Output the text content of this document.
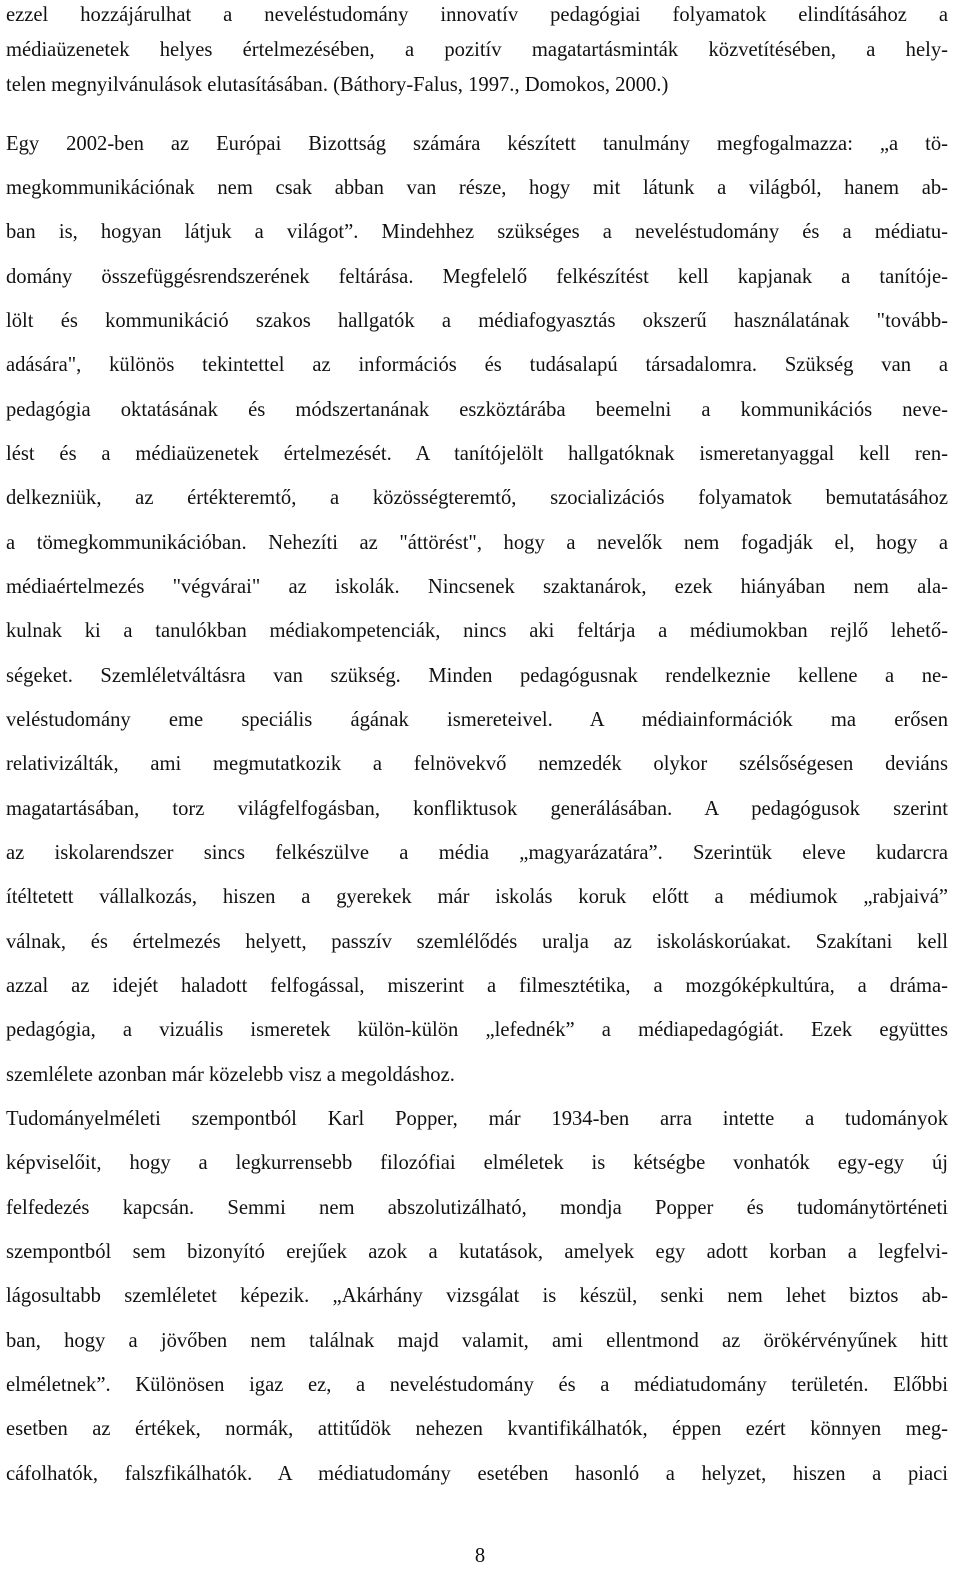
ezzel hozzájárulhat a neveléstudomány innovatív pedagógiai folyamatok elindításához a
médiaüzenetek helyes értelmezésében, a pozitív magatartásminták közvetítésében, a hely-
telen megnyilvánulások elutasításában. (Báthory-Falus, 1997., Domokos, 2000.)
Egy 2002-ben az Európai Bizottság számára készített tanulmány megfogalmazza: „a tö-
megkommunikációnak nem csak abban van része, hogy mit látunk a világból, hanem ab-
ban is, hogyan látjuk a világot”. Mindehhez szükséges a neveléstudomány és a médiatu-
domány összefüggésrendszerének feltárása. Megfelelő felkészítést kell kapjanak a tanítóje-
lölt és kommunikáció szakos hallgatók a médiafogyasztás okszerű használatának "tovább-
adására", különös tekintettel az információs és tudásalapú társadalomra. Szükség van a
pedagógia oktatásának és módszertanának eszköztárába beemelni a kommunikációs neve-
lést és a médiaüzenetek értelmezését. A tanítójelölt hallgatóknak ismeretanyaggal kell ren-
delkezniük, az értékteremtő, a közösségteremtő, szocializációs folyamatok bemutatásához
a tömegkommunikációban. Nehezíti az "áttörést", hogy a nevelők nem fogadják el, hogy a
médiaértelmezés "végvárai" az iskolák. Nincsenek szaktanárok, ezek hiányában nem ala-
kulnak ki a tanulókban médiakompetenciák, nincs aki feltárja a médiumokban rejlő lehető-
ségeket. Szemléletváltásra van szükség. Minden pedagógusnak rendelkeznie kellene a ne-
veléstudomány eme speciális ágának ismereteivel. A médiainformációk ma erősen
relativizálták, ami megmutatkozik a felnövekvő nemzedék olykor szélsőségesen deviáns
magatartásában, torz világfelfogásban, konfliktusok generálásában. A pedagógusok szerint
az iskolarendszer sincs felkészülve a média „magyarázatára”. Szerintük eleve kudarcra
ítéltetett vállalkozás, hiszen a gyerekek már iskolás koruk előtt a médiumok „rabjaivá”
válnak, és értelmezés helyett, passzív szemlélődés uralja az iskoláskorúakat. Szakítani kell
azzal az idejét haladott felfogással, miszerint a filmesztétika, a mozgóképkultúra, a dráma-
pedagógia, a vizuális ismeretek külön-külön „lefednék” a médiapedagógiát. Ezek együttes
szemlélete azonban már közelebb visz a megoldáshoz.
Tudományelméleti szempontból Karl Popper, már 1934-ben arra intette a tudományok
képviselőit, hogy a legkurrensebb filozófiai elméletek is kétségbe vonhatók egy-egy új
felfedezés kapcsán. Semmi nem abszolutizálható, mondja Popper és tudománytörténeti
szempontból sem bizonyító erejűek azok a kutatások, amelyek egy adott korban a legfelvi-
lágosultabb szemléletet képezik. „Akárhány vizsgálat is készül, senki nem lehet biztos ab-
ban, hogy a jövőben nem találnak majd valamit, ami ellentmond az örökérvényűnek hitt
elméletnek”. Különösen igaz ez, a neveléstudomány és a médiatudomány területén. Előbbi
esetben az értékek, normák, attitűdök nehezen kvantifikálhatók, éppen ezért könnyen meg-
cáfolhatók, falszfikálhatók. A médiatudomány esetében hasonló a helyzet, hiszen a piaci
8
